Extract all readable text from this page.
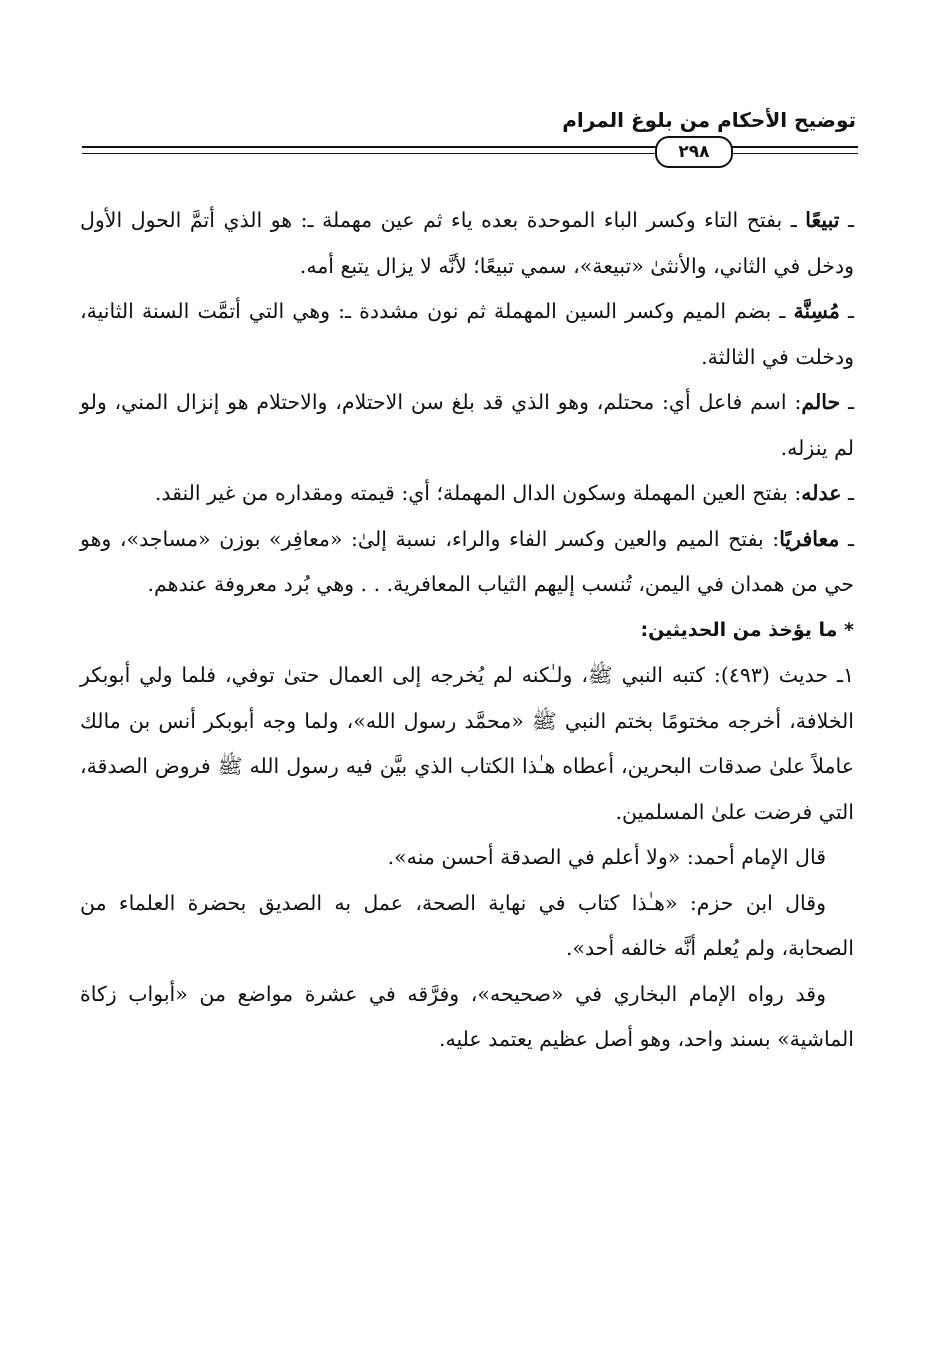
توضيح الأحكام من بلوغ المرام
٢٩٨

ـ تبيعًا ـ بفتح التاء وكسر الباء الموحدة بعده ياء ثم عين مهملة ـ: هو الذي أتمَّ الحول الأول ودخل في الثاني، والأنثىٰ «تبيعة»، سمي تبيعًا؛ لأنَّه لا يزال يتبع أمه.

ـ مُسِنَّة ـ بضم الميم وكسر السين المهملة ثم نون مشددة ـ: وهي التي أتمَّت السنة الثانية، ودخلت في الثالثة.

ـ حالم: اسم فاعل أي: محتلم، وهو الذي قد بلغ سن الاحتلام، والاحتلام هو إنزال المني، ولو لم ينزله.

ـ عدله: بفتح العين المهملة وسكون الدال المهملة؛ أي: قيمته ومقداره من غير النقد.

ـ معافريًا: بفتح الميم والعين وكسر الفاء والراء، نسبة إلىٰ: «معافِر» بوزن «مساجد»، وهو حي من همدان في اليمن، تُنسب إليهم الثياب المعافرية. . . وهي بُرد معروفة عندهم.

* ما يؤخذ من الحديثين:

١ـ حديث (٤٩٣): كتبه النبي ﷺ، ولـٰكنه لم يُخرجه إلى العمال حتىٰ توفي، فلما ولي أبوبكر الخلافة، أخرجه مختومًا بختم النبي ﷺ «محمَّد رسول الله»، ولما وجه أبوبكر أنس بن مالك عاملاً علىٰ صدقات البحرين، أعطاه هـٰذا الكتاب الذي بيَّن فيه رسول الله ﷺ فروض الصدقة، التي فرضت علىٰ المسلمين.

قال الإمام أحمد: «ولا أعلم في الصدقة أحسن منه».

وقال ابن حزم: «هـٰذا كتاب في نهاية الصحة، عمل به الصديق بحضرة العلماء من الصحابة، ولم يُعلم أنَّه خالفه أحد».

وقد رواه الإمام البخاري في «صحيحه»، وفرَّقه في عشرة مواضع من «أبواب زكاة الماشية» بسند واحد، وهو أصل عظيم يعتمد عليه.
